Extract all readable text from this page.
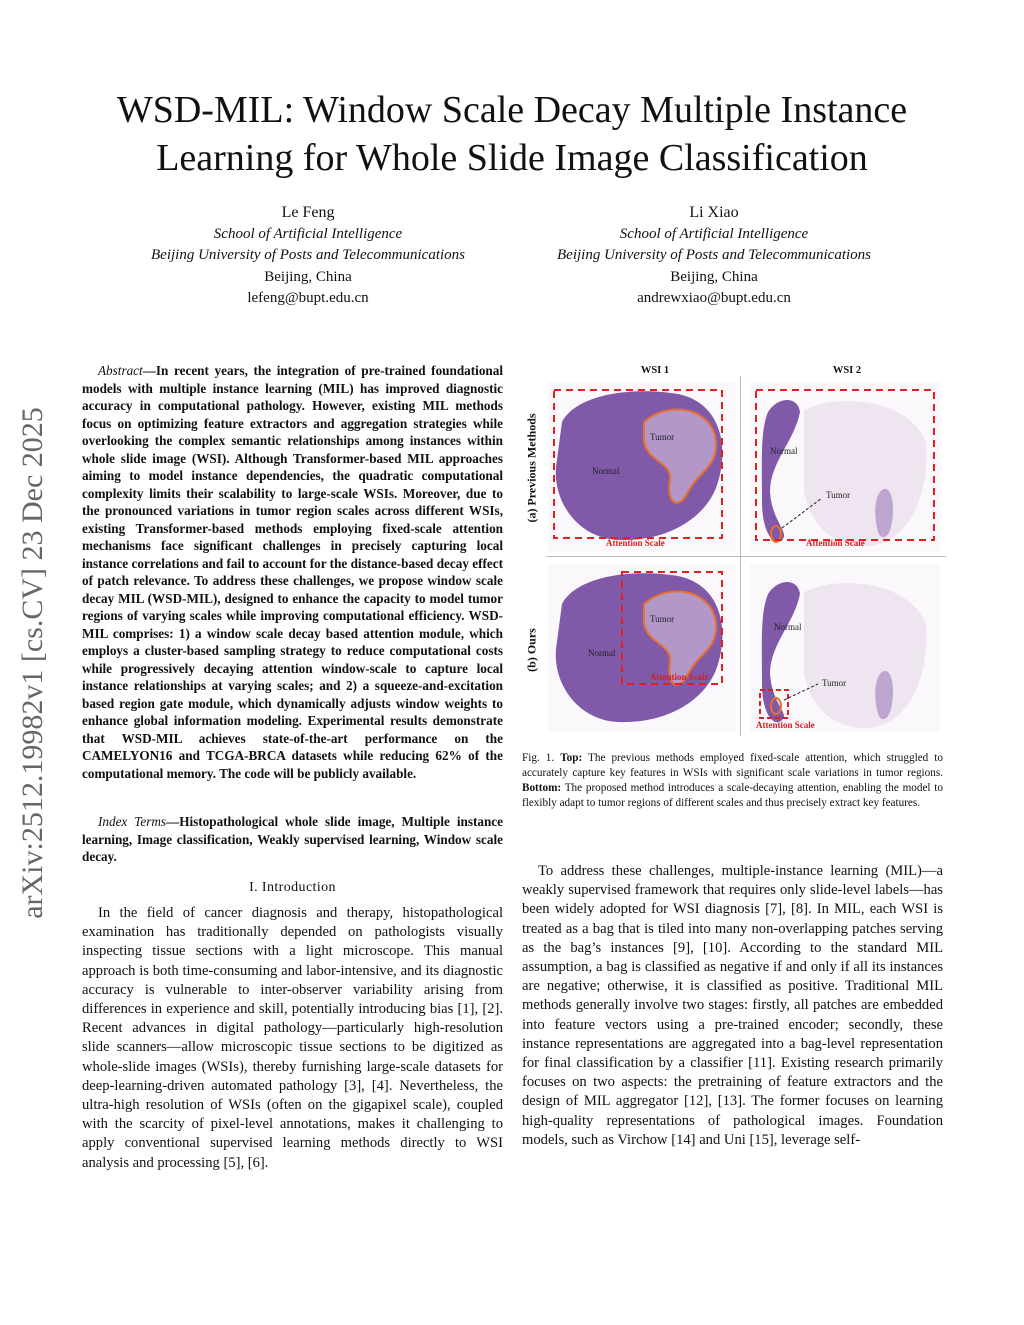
WSD-MIL: Window Scale Decay Multiple Instance Learning for Whole Slide Image Classification
Le Feng
School of Artificial Intelligence
Beijing University of Posts and Telecommunications
Beijing, China
lefeng@bupt.edu.cn
Li Xiao
School of Artificial Intelligence
Beijing University of Posts and Telecommunications
Beijing, China
andrewxiao@bupt.edu.cn
arXiv:2512.19982v1 [cs.CV] 23 Dec 2025
Abstract—In recent years, the integration of pre-trained foundational models with multiple instance learning (MIL) has improved diagnostic accuracy in computational pathology. However, existing MIL methods focus on optimizing feature extractors and aggregation strategies while overlooking the complex semantic relationships among instances within whole slide image (WSI). Although Transformer-based MIL approaches aiming to model instance dependencies, the quadratic computational complexity limits their scalability to large-scale WSIs. Moreover, due to the pronounced variations in tumor region scales across different WSIs, existing Transformer-based methods employing fixed-scale attention mechanisms face significant challenges in precisely capturing local instance correlations and fail to account for the distance-based decay effect of patch relevance. To address these challenges, we propose window scale decay MIL (WSD-MIL), designed to enhance the capacity to model tumor regions of varying scales while improving computational efficiency. WSD-MIL comprises: 1) a window scale decay based attention module, which employs a cluster-based sampling strategy to reduce computational costs while progressively decaying attention window-scale to capture local instance relationships at varying scales; and 2) a squeeze-and-excitation based region gate module, which dynamically adjusts window weights to enhance global information modeling. Experimental results demonstrate that WSD-MIL achieves state-of-the-art performance on the CAMELYON16 and TCGA-BRCA datasets while reducing 62% of the computational memory. The code will be publicly available.
Index Terms—Histopathological whole slide image, Multiple instance learning, Image classification, Weakly supervised learning, Window scale decay.
I. Introduction
In the field of cancer diagnosis and therapy, histopathological examination has traditionally depended on pathologists visually inspecting tissue sections with a light microscope. This manual approach is both time-consuming and labor-intensive, and its diagnostic accuracy is vulnerable to inter-observer variability arising from differences in experience and skill, potentially introducing bias [1], [2]. Recent advances in digital pathology—particularly high-resolution slide scanners—allow microscopic tissue sections to be digitized as whole-slide images (WSIs), thereby furnishing large-scale datasets for deep-learning-driven automated pathology [3], [4]. Nevertheless, the ultra-high resolution of WSIs (often on the gigapixel scale), coupled with the scarcity of pixel-level annotations, makes it challenging to apply conventional supervised learning methods directly to WSI analysis and processing [5], [6].
To address these challenges, multiple-instance learning (MIL)—a weakly supervised framework that requires only slide-level labels—has been widely adopted for WSI diagnosis [7], [8]. In MIL, each WSI is treated as a bag that is tiled into many non-overlapping patches serving as the bag’s instances [9], [10]. According to the standard MIL assumption, a bag is classified as negative if and only if all its instances are negative; otherwise, it is classified as positive. Traditional MIL methods generally involve two stages: firstly, all patches are embedded into feature vectors using a pre-trained encoder; secondly, these instance representations are aggregated into a bag-level representation for final classification by a classifier [11]. Existing research primarily focuses on two aspects: the pretraining of feature extractors and the design of MIL aggregator [12], [13]. The former focuses on learning high-quality representations of pathological images. Foundation models, such as Virchow [14] and Uni [15], leverage self-
WSI 1	WSI 2
(a) Previous Methods
(b) Ours
Tumor
Normal
Attention Scale
Normal
Tumor
Attention Scale
Tumor
Normal
Attention Scale
Normal
Tumor
Attention Scale
Fig. 1. Top: The previous methods employed fixed-scale attention, which struggled to accurately capture key features in WSIs with significant scale variations in tumor regions. Bottom: The proposed method introduces a scale-decaying attention, enabling the model to flexibly adapt to tumor regions of different scales and thus precisely extract key features.
